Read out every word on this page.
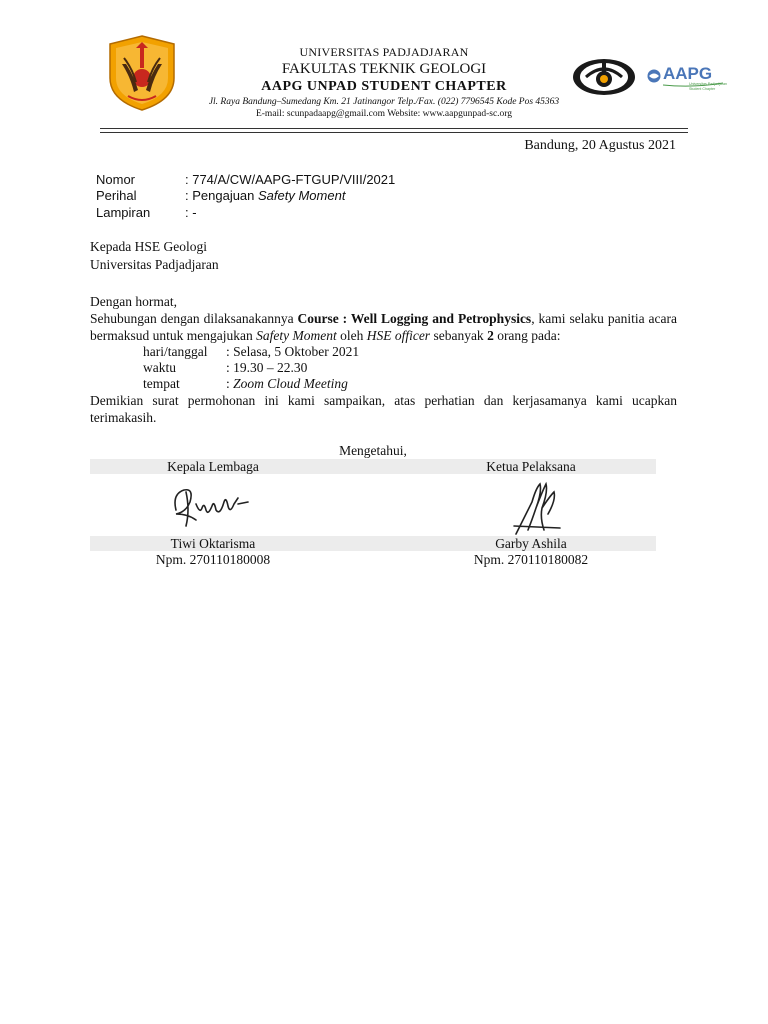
AAPG
Universitas Padjadjaran Student Chapter
UNIVERSITAS PADJADJARAN
FAKULTAS TEKNIK GEOLOGI
AAPG UNPAD STUDENT CHAPTER
Jl. Raya Bandung–Sumedang Km. 21 Jatinangor Telp./Fax. (022) 7796545 Kode Pos 45363
E-mail: scunpadaapg@gmail.com Website: www.aapgunpad-sc.org
Bandung, 20 Agustus 2021
Nomor	: 774/A/CW/AAPG-FTGUP/VIII/2021
Perihal	: Pengajuan Safety Moment
Lampiran	: -
Kepada HSE Geologi
Universitas Padjadjaran
Dengan hormat,
Sehubungan dengan dilaksanakannya Course : Well Logging and Petrophysics, kami selaku panitia acara bermaksud untuk mengajukan Safety Moment oleh HSE officer sebanyak 2 orang pada:
hari/tanggal : Selasa, 5 Oktober 2021
waktu	: 19.30 – 22.30
tempat	: Zoom Cloud Meeting
Demikian surat permohonan ini kami sampaikan, atas perhatian dan kerjasamanya kami ucapkan terimakasih.
Mengetahui,
Kepala Lembaga	Ketua Pelaksana
Tiwi Oktarisma	Garby Ashila
Npm. 270110180008	Npm. 270110180082
